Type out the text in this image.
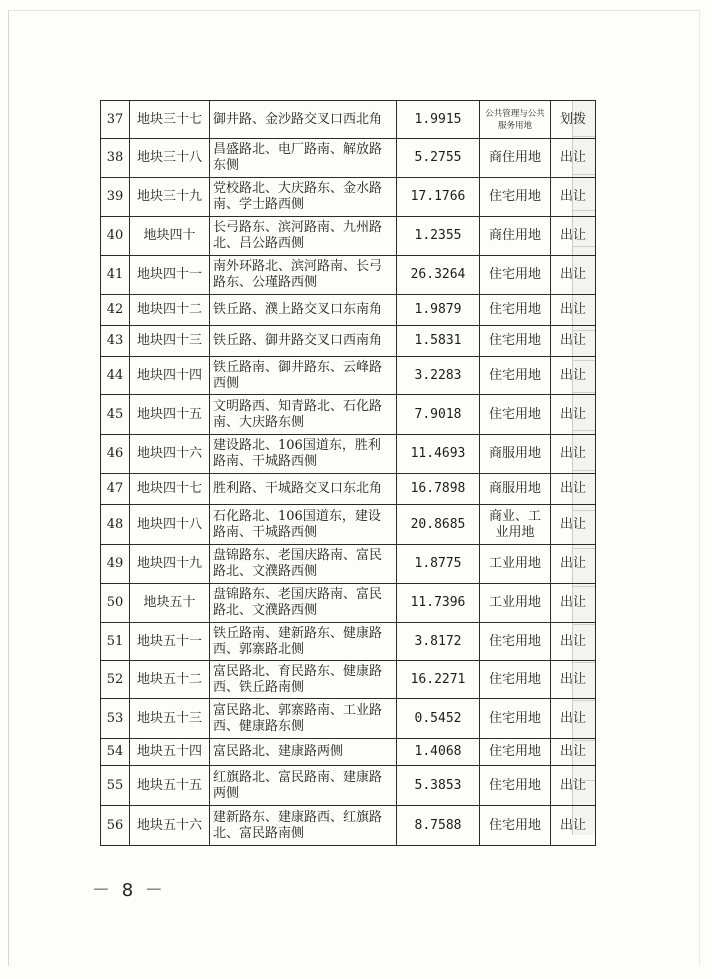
37	地块三十七	御井路、金沙路交叉口西北角	1.9915	公共管理与公共服务用地	划拨
38	地块三十八	昌盛路北、电厂路南、解放路东侧	5.2755	商住用地	出让
39	地块三十九	党校路北、大庆路东、金水路南、学士路西侧	17.1766	住宅用地	出让
40	地块四十	长弓路东、滨河路南、九州路北、吕公路西侧	1.2355	商住用地	出让
41	地块四十一	南外环路北、滨河路南、长弓路东、公瑾路西侧	26.3264	住宅用地	出让
42	地块四十二	铁丘路、濮上路交叉口东南角	1.9879	住宅用地	出让
43	地块四十三	铁丘路、御井路交叉口西南角	1.5831	住宅用地	出让
44	地块四十四	铁丘路南、御井路东、云峰路西侧	3.2283	住宅用地	出让
45	地块四十五	文明路西、知青路北、石化路南、大庆路东侧	7.9018	住宅用地	出让
46	地块四十六	建设路北、106国道东，胜利路南、干城路西侧	11.4693	商服用地	出让
47	地块四十七	胜利路、干城路交叉口东北角	16.7898	商服用地	出让
48	地块四十八	石化路北、106国道东，建设路南、干城路西侧	20.8685	商业、工业用地	出让
49	地块四十九	盘锦路东、老国庆路南、富民路北、文濮路西侧	1.8775	工业用地	出让
50	地块五十	盘锦路东、老国庆路南、富民路北、文濮路西侧	11.7396	工业用地	出让
51	地块五十一	铁丘路南、建新路东、健康路西、郭寨路北侧	3.8172	住宅用地	出让
52	地块五十二	富民路北、育民路东、健康路西、铁丘路南侧	16.2271	住宅用地	出让
53	地块五十三	富民路北、郭寨路南、工业路西、健康路东侧	0.5452	住宅用地	出让
54	地块五十四	富民路北、建康路两侧	1.4068	住宅用地	出让
55	地块五十五	红旗路北、富民路南、建康路两侧	5.3853	住宅用地	出让
56	地块五十六	建新路东、建康路西、红旗路北、富民路南侧	8.7588	住宅用地	出让
－ 8 －
